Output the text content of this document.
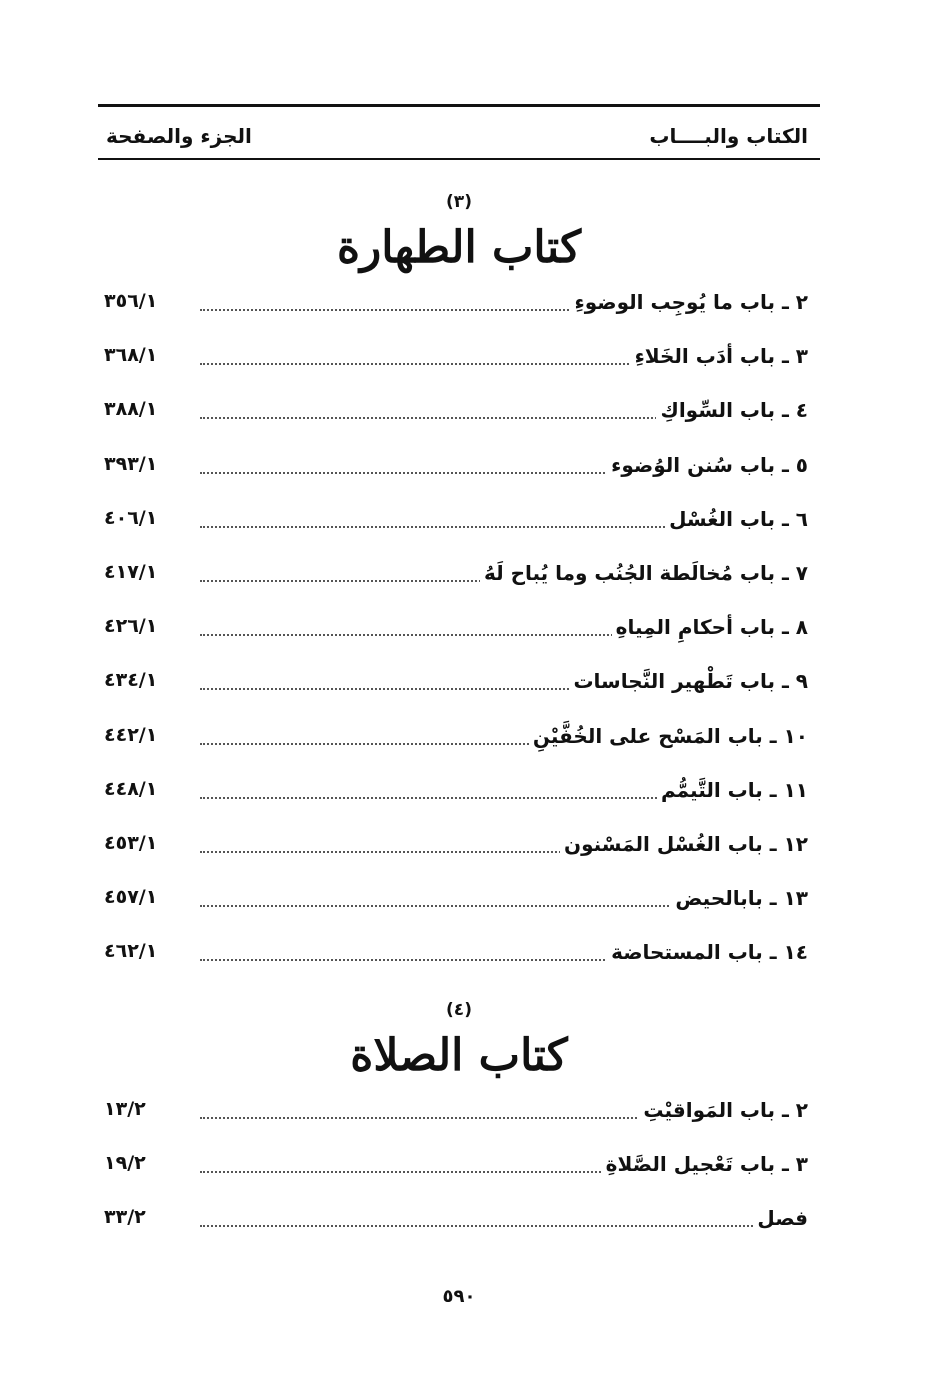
الكتاب والبــــاب
الجزء والصفحة
(٣)
كتاب الطهارة
٢ ـ باب ما يُوجِب الوضوءِ
٣٥٦/١
٣ ـ باب أدَب الخَلاءِ
٣٦٨/١
٤ ـ باب السِّواكِ
٣٨٨/١
٥ ـ باب سُنن الوُضوء
٣٩٣/١
٦ ـ باب الغُسْل
٤٠٦/١
٧ ـ باب مُخالَطة الجُنُب وما يُباح لَهُ
٤١٧/١
٨ ـ باب أحكامِ المِياهِ
٤٢٦/١
٩ ـ باب تَطْهير النَّجاسات
٤٣٤/١
١٠ ـ باب المَسْح على الخُفَّيْنِ
٤٤٢/١
١١ ـ باب التَّيمُّم
٤٤٨/١
١٢ ـ باب الغُسْل المَسْنون
٤٥٣/١
١٣ ـ بابالحيض
٤٥٧/١
١٤ ـ باب المستحاضة
٤٦٢/١
(٤)
كتاب الصلاة
٢ ـ باب المَواقيْتِ
١٣/٢
٣ ـ باب تَعْجيل الصَّلاةِ
١٩/٢
فصل
٣٣/٢
٥٩٠
